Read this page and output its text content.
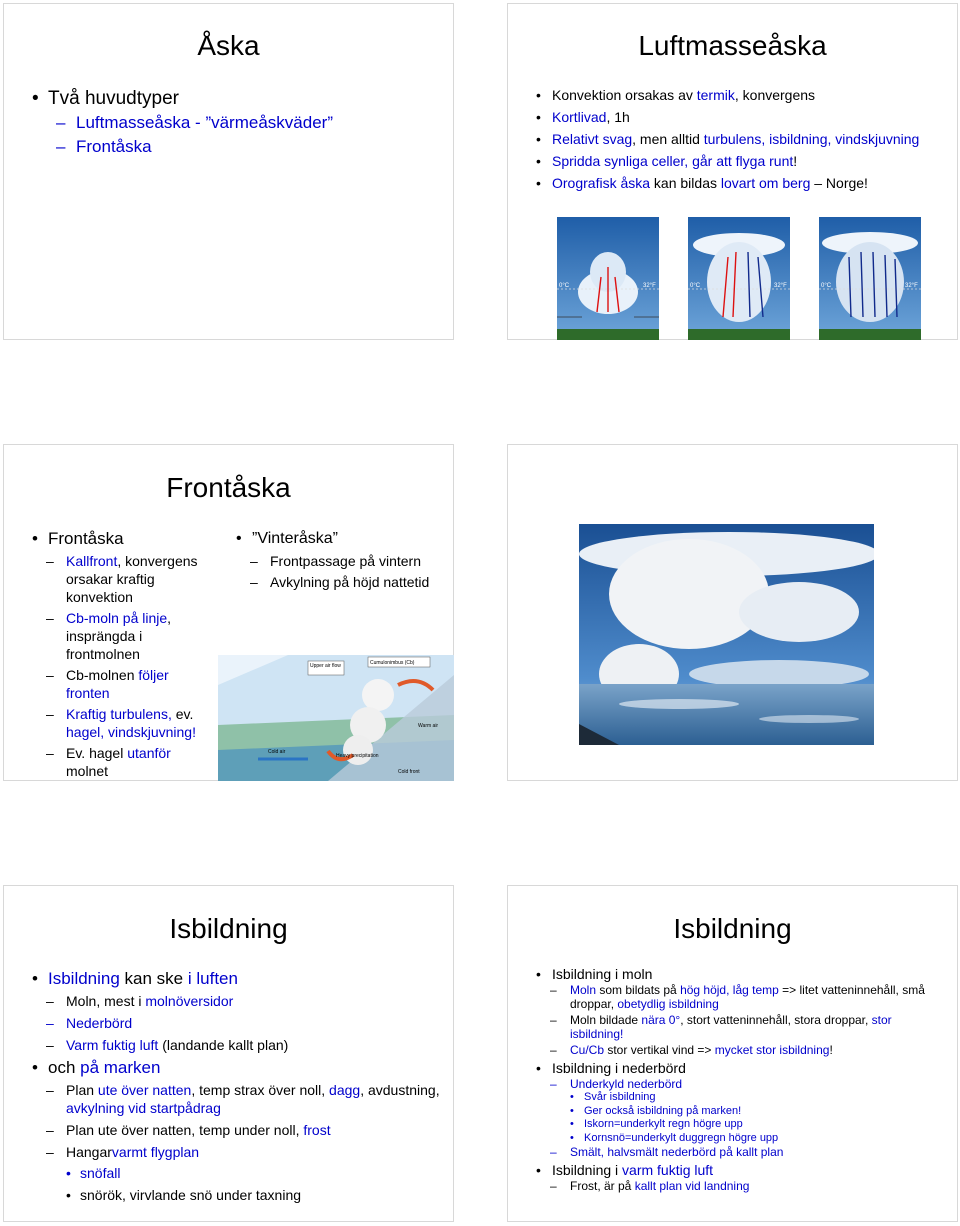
Åska
• Två huvudtyper
– Luftmasseåska - ”värmeåskväder”
– Frontåska
Luftmasseåska
• Konvektion orsakas av termik, konvergens
• Kortlivad, 1h
• Relativt svag, men alltid turbulens, isbildning, vindskjuvning
• Spridda synliga celler, går att flyga runt!
• Orografisk åska kan bildas lovart om berg – Norge!
0°C	32°F	0°C	32°F	0°C	32°F
Frontåska
• Frontåska
– Kallfront, konvergens orsakar kraftig konvektion
– Cb-moln på linje, insprängda i frontmolnen
– Cb-molnen följer fronten
– Kraftig turbulens, ev. hagel, vindskjuvning!
– Ev. hagel utanför molnet
• ”Vinteråska”
– Frontpassage på vintern
– Avkylning på höjd nattetid
Upper air flow	Cumulonimbus (Cb)
Cold air
Heavy precipitation
Warm air
Cold front
Isbildning
• Isbildning kan ske i luften
– Moln, mest i molnöversidor
– Nederbörd
– Varm fuktig luft (landande kallt plan)
• och på marken
– Plan ute över natten, temp strax över noll, dagg, avdustning, avkylning vid startpådrag
– Plan ute över natten, temp under noll, frost
– Hangarvarmt flygplan
• snöfall
• snörök, virvlande snö under taxning
Isbildning
• Isbildning i moln
– Moln som bildats på hög höjd, låg temp => litet vatteninnehåll, små droppar, obetydlig isbildning
– Moln bildade nära 0°, stort vatteninnehåll, stora droppar, stor isbildning!
– Cu/Cb stor vertikal vind => mycket stor isbildning!
• Isbildning i nederbörd
– Underkyld nederbörd
• Svår isbildning
• Ger också isbildning på marken!
• Iskorn=underkylt regn högre upp
• Kornsnö=underkylt duggregn högre upp
– Smält, halvsmält nederbörd på kallt plan
• Isbildning i varm fuktig luft
– Frost, är på kallt plan vid landning
